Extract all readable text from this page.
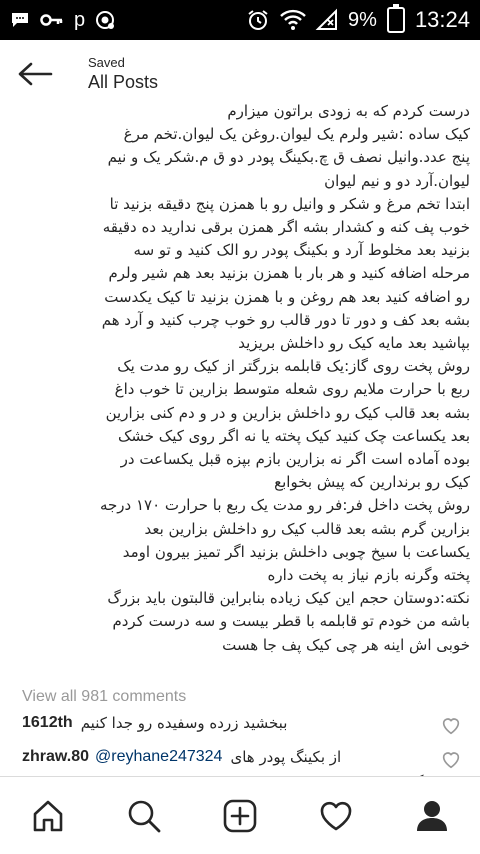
p	9% 13:24
Saved
All Posts

درست کردم که به زودی براتون میزارم

کیک ساده :شیر ولرم یک لیوان.روغن یک لیوان.تخم مرغ

پنج عدد.وانیل نصف ق چ.بکینگ پودر دو ق م.شکر یک و نیم

لیوان.آرد دو و نیم لیوان

ابتدا تخم مرغ و شکر و وانیل رو با همزن پنج دقیقه بزنید تا

خوب پف کنه و کشدار بشه اگر همزن برقی ندارید ده دقیقه

بزنید بعد مخلوط آرد و بکینگ پودر رو الک کنید و تو سه

مرحله اضافه کنید و هر بار با همزن بزنید بعد هم شیر ولرم

رو اضافه کنید بعد هم روغن و با همزن بزنید تا کیک یکدست

بشه بعد کف و دور تا دور قالب رو خوب چرب کنید و آرد هم

بپاشید بعد مایه کیک رو داخلش بریزید

روش پخت روی گاز:یک قابلمه بزرگتر از کیک رو مدت یک

ربع با حرارت ملایم روی شعله متوسط بزارین تا خوب داغ

بشه بعد قالب کیک رو داخلش بزارین و در و دم کنی بزارین

بعد یکساعت چک کنید کیک پخته یا نه اگر روی کیک خشک

بوده آماده است اگر نه بزارین بازم بپزه قبل یکساعت در

کیک رو برندارین که پیش بخوابع

روش پخت داخل فر:فر رو مدت یک ربع با حرارت ۱۷۰ درجه

بزارین گرم بشه بعد قالب کیک رو داخلش بزارین بعد

یکساعت با سیخ چوبی داخلش بزنید اگر تمیز بیرون اومد

پخته وگرنه بازم نیاز به پخت داره

نکته:دوستان حجم این کیک زیاده بنابراین قالبتون باید بزرگ

باشه من خودم تو قابلمه با قطر بیست و سه درست کردم

خوبی اش اینه هر چی کیک پف جا هست

View all 981 comments
1612th ببخشید زرده وسفیده رو جدا کنیم
zhraw.80 @reyhane247324 از بکینگ پودر های
